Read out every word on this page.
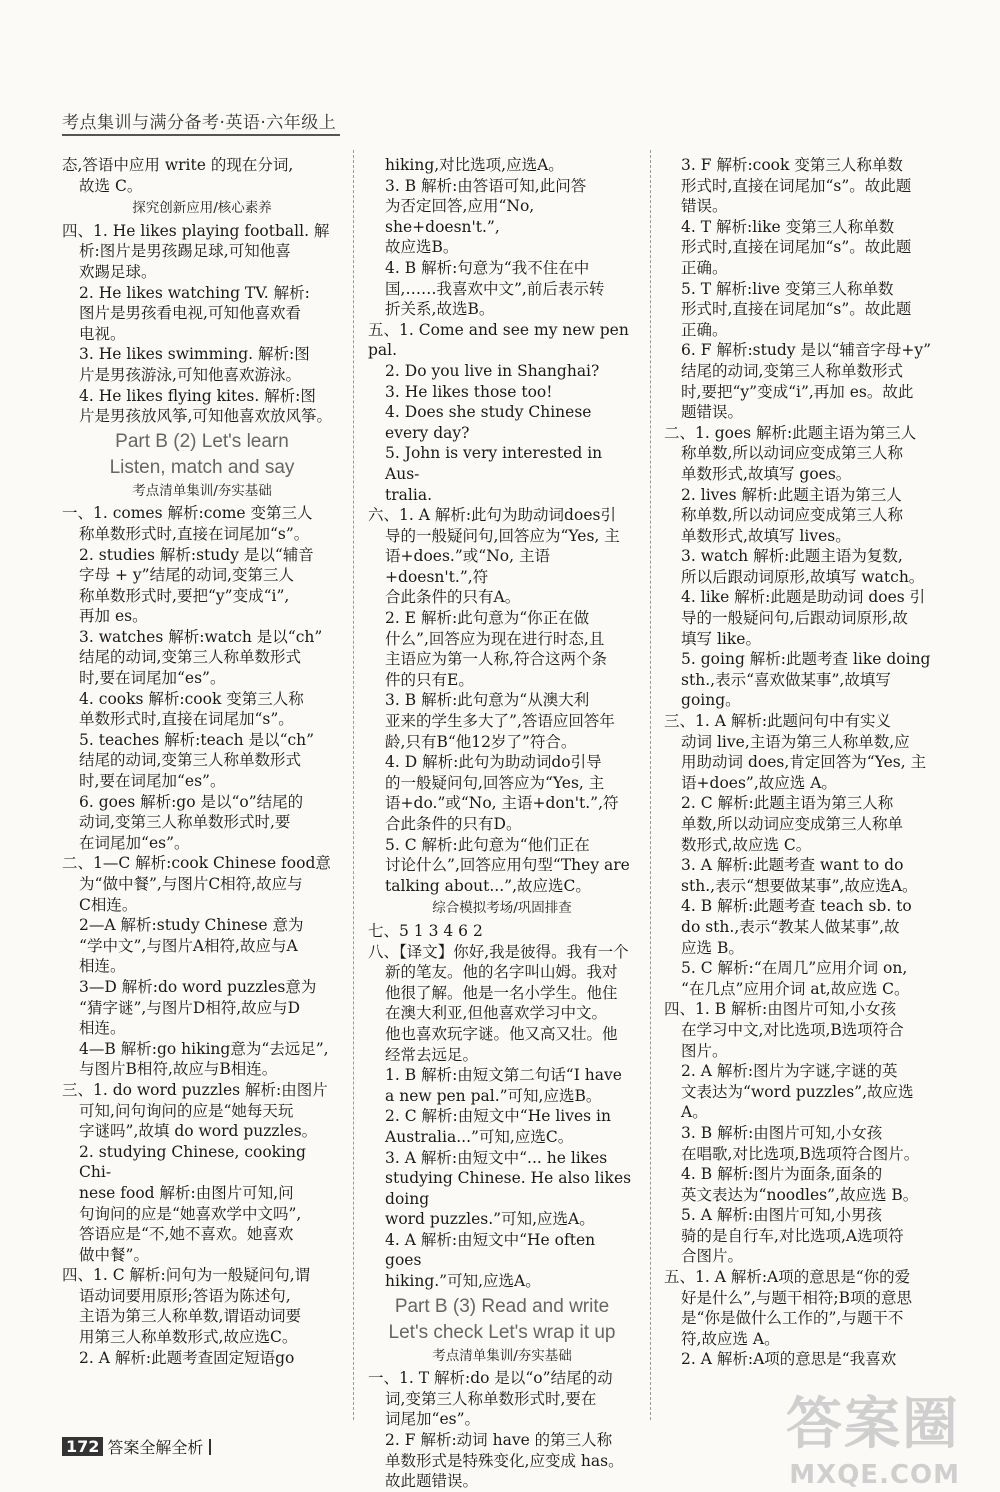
考点集训与满分备考·英语·六年级上

态,答语中应用 write 的现在分词,

故选 C。

探究创新应用/核心素养

四、1. He likes playing football. 解

析:图片是男孩踢足球,可知他喜

欢踢足球。

2. He likes watching TV. 解析:

图片是男孩看电视,可知他喜欢看

电视。

3. He likes swimming. 解析:图

片是男孩游泳,可知他喜欢游泳。

4. He likes flying kites. 解析:图

片是男孩放风筝,可知他喜欢放风筝。

Part B (2) Let's learn

Listen, match and say

考点清单集训/夯实基础

一、1. comes 解析:come 变第三人

称单数形式时,直接在词尾加“s”。

2. studies 解析:study 是以“辅音

字母 + y”结尾的动词,变第三人

称单数形式时,要把“y”变成“i”,

再加 es。

3. watches 解析:watch 是以“ch”

结尾的动词,变第三人称单数形式

时,要在词尾加“es”。

4. cooks 解析:cook 变第三人称

单数形式时,直接在词尾加“s”。

5. teaches 解析:teach 是以“ch”

结尾的动词,变第三人称单数形式

时,要在词尾加“es”。

6. goes 解析:go 是以“o”结尾的

动词,变第三人称单数形式时,要

在词尾加“es”。

二、1—C 解析:cook Chinese food意

为“做中餐”,与图片C相符,故应与

C相连。

2—A 解析:study Chinese 意为

“学中文”,与图片A相符,故应与A

相连。

3—D 解析:do word puzzles意为

“猜字谜”,与图片D相符,故应与D

相连。

4—B 解析:go hiking意为“去远足”,

与图片B相符,故应与B相连。

三、1. do word puzzles 解析:由图片

可知,问句询问的应是“她每天玩

字谜吗”,故填 do word puzzles。

2. studying Chinese, cooking Chi-

nese food 解析:由图片可知,问

句询问的应是“她喜欢学中文吗”,

答语应是“不,她不喜欢。她喜欢

做中餐”。

四、1. C 解析:问句为一般疑问句,谓

语动词要用原形;答语为陈述句,

主语为第三人称单数,谓语动词要

用第三人称单数形式,故应选C。

2. A 解析:此题考查固定短语go

hiking,对比选项,应选A。

3. B 解析:由答语可知,此问答

为否定回答,应用“No, she+doesn't.”,

故应选B。

4. B 解析:句意为“我不住在中

国,……我喜欢中文”,前后表示转

折关系,故选B。

五、1. Come and see my new pen pal.

2. Do you live in Shanghai?

3. He likes those too!

4. Does she study Chinese every day?

5. John is very interested in Aus-

tralia.

六、1. A 解析:此句为助动词does引

导的一般疑问句,回答应为“Yes, 主

语+does.”或“No, 主语+doesn't.”,符

合此条件的只有A。

2. E 解析:此句意为“你正在做

什么”,回答应为现在进行时态,且

主语应为第一人称,符合这两个条

件的只有E。

3. B 解析:此句意为“从澳大利

亚来的学生多大了”,答语应回答年

龄,只有B“他12岁了”符合。

4. D 解析:此句为助动词do引导

的一般疑问句,回答应为“Yes, 主

语+do.”或“No, 主语+don't.”,符

合此条件的只有D。

5. C 解析:此句意为“他们正在

讨论什么”,回答应用句型“They are

talking about...”,故应选C。

综合模拟考场/巩固排查

七、5 1 3 4 6 2

八、【译文】你好,我是彼得。我有一个

新的笔友。他的名字叫山姆。我对

他很了解。他是一名小学生。他住

在澳大利亚,但他喜欢学习中文。

他也喜欢玩字谜。他又高又壮。他

经常去远足。

1. B 解析:由短文第二句话“I have

a new pen pal.”可知,应选B。

2. C 解析:由短文中“He lives in

Australia...”可知,应选C。

3. A 解析:由短文中“... he likes

studying Chinese. He also likes doing

word puzzles.”可知,应选A。

4. A 解析:由短文中“He often goes

hiking.”可知,应选A。

Part B (3) Read and write

Let's check Let's wrap it up

考点清单集训/夯实基础

一、1. T 解析:do 是以“o”结尾的动

词,变第三人称单数形式时,要在

词尾加“es”。

2. F 解析:动词 have 的第三人称

单数形式是特殊变化,应变成 has。

故此题错误。

3. F 解析:cook 变第三人称单数

形式时,直接在词尾加“s”。故此题

错误。

4. T 解析:like 变第三人称单数

形式时,直接在词尾加“s”。故此题

正确。

5. T 解析:live 变第三人称单数

形式时,直接在词尾加“s”。故此题

正确。

6. F 解析:study 是以“辅音字母+y”

结尾的动词,变第三人称单数形式

时,要把“y”变成“i”,再加 es。故此

题错误。

二、1. goes 解析:此题主语为第三人

称单数,所以动词应变成第三人称

单数形式,故填写 goes。

2. lives 解析:此题主语为第三人

称单数,所以动词应变成第三人称

单数形式,故填写 lives。

3. watch 解析:此题主语为复数,

所以后跟动词原形,故填写 watch。

4. like 解析:此题是助动词 does 引

导的一般疑问句,后跟动词原形,故

填写 like。

5. going 解析:此题考查 like doing

sth.,表示“喜欢做某事”,故填写

going。

三、1. A 解析:此题问句中有实义

动词 live,主语为第三人称单数,应

用助动词 does,肯定回答为“Yes, 主

语+does”,故应选 A。

2. C 解析:此题主语为第三人称

单数,所以动词应变成第三人称单

数形式,故应选 C。

3. A 解析:此题考查 want to do

sth.,表示“想要做某事”,故应选A。

4. B 解析:此题考查 teach sb. to

do sth.,表示“教某人做某事”,故

应选 B。

5. C 解析:“在周几”应用介词 on,

“在几点”应用介词 at,故应选 C。

四、1. B 解析:由图片可知,小女孩

在学习中文,对比选项,B选项符合

图片。

2. A 解析:图片为字谜,字谜的英

文表达为“word puzzles”,故应选A。

3. B 解析:由图片可知,小女孩

在唱歌,对比选项,B选项符合图片。

4. B 解析:图片为面条,面条的

英文表达为“noodles”,故应选 B。

5. A 解析:由图片可知,小男孩

骑的是自行车,对比选项,A选项符

合图片。

五、1. A 解析:A项的意思是“你的爱

好是什么”,与题干相符;B项的意思

是“你是做什么工作的”,与题干不

符,故应选 A。

2. A 解析:A项的意思是“我喜欢

172 答案全解全析	答案圈
MXQE.COM
